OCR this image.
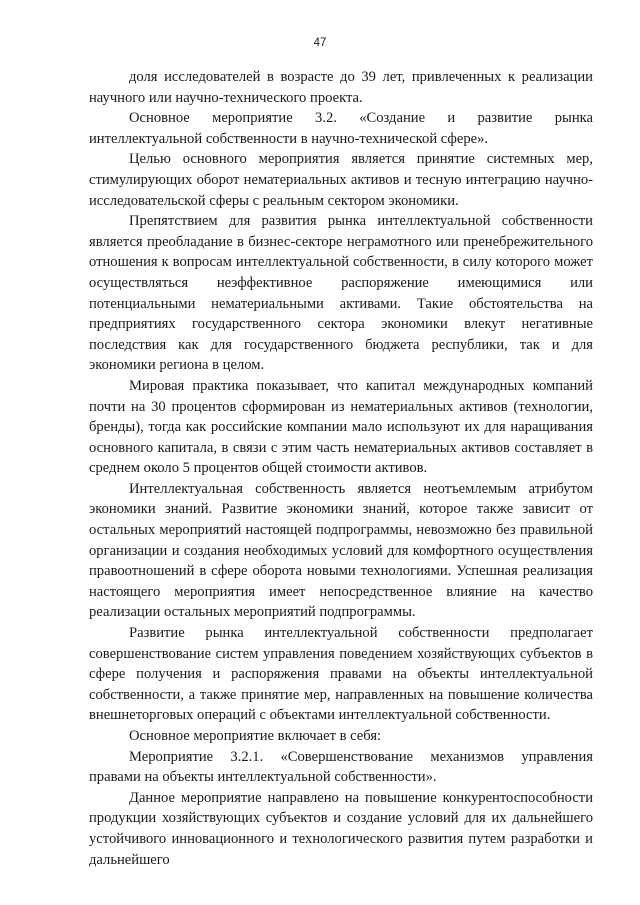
47

доля исследователей в возрасте до 39 лет, привлеченных к реализации научного или научно-технического проекта.

Основное мероприятие 3.2. «Создание и развитие рынка интеллектуальной собственности в научно-технической сфере».

Целью основного мероприятия является принятие системных мер, стимулирующих оборот нематериальных активов и тесную интеграцию научно-исследовательской сферы с реальным сектором экономики.

Препятствием для развития рынка интеллектуальной собственности является преобладание в бизнес-секторе неграмотного или пренебрежительного отношения к вопросам интеллектуальной собственности, в силу которого может осуществляться неэффективное распоряжение имеющимися или потенциальными нематериальными активами. Такие обстоятельства на предприятиях государственного сектора экономики влекут негативные последствия как для государственного бюджета республики, так и для экономики региона в целом.

Мировая практика показывает, что капитал международных компаний почти на 30 процентов сформирован из нематериальных активов (технологии, бренды), тогда как российские компании мало используют их для наращивания основного капитала, в связи с этим часть нематериальных активов составляет в среднем около 5 процентов общей стоимости активов.

Интеллектуальная собственность является неотъемлемым атрибутом экономики знаний. Развитие экономики знаний, которое также зависит от остальных мероприятий настоящей подпрограммы, невозможно без правильной организации и создания необходимых условий для комфортного осуществления правоотношений в сфере оборота новыми технологиями. Успешная реализация настоящего мероприятия имеет непосредственное влияние на качество реализации остальных мероприятий подпрограммы.

Развитие рынка интеллектуальной собственности предполагает совершенствование систем управления поведением хозяйствующих субъектов в сфере получения и распоряжения правами на объекты интеллектуальной собственности, а также принятие мер, направленных на повышение количества внешнеторговых операций с объектами интеллектуальной собственности.

Основное мероприятие включает в себя:

Мероприятие 3.2.1. «Совершенствование механизмов управления правами на объекты интеллектуальной собственности».

Данное мероприятие направлено на повышение конкурентоспособности продукции хозяйствующих субъектов и создание условий для их дальнейшего устойчивого инновационного и технологического развития путем разработки и дальнейшего
